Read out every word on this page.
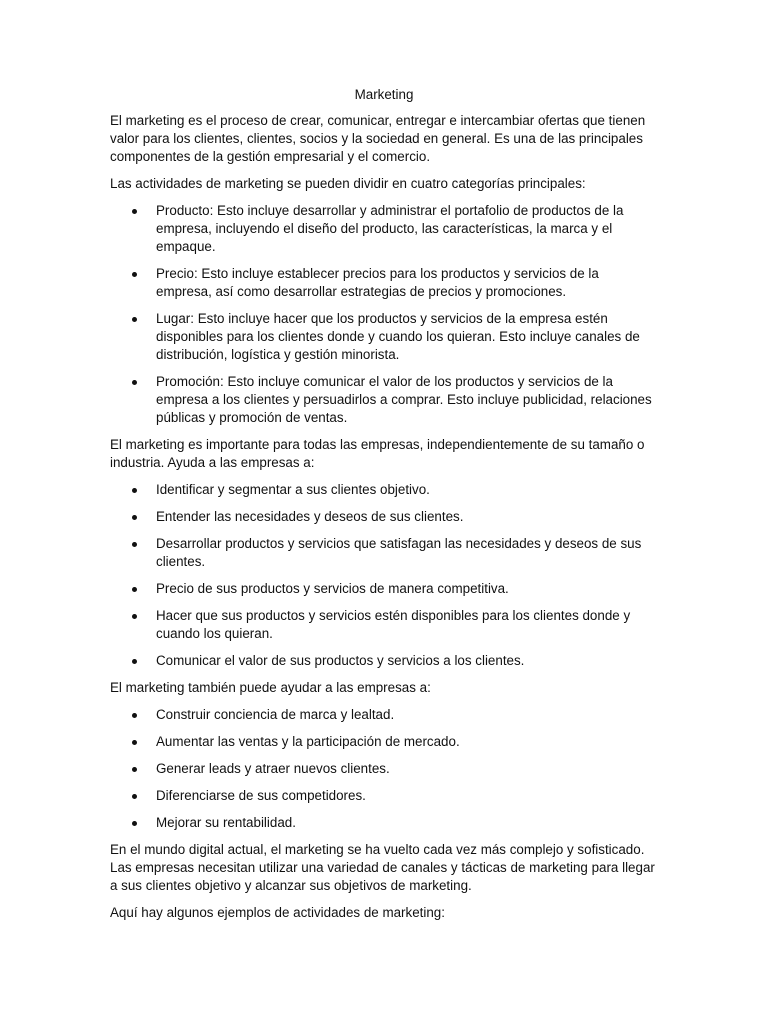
Marketing

El marketing es el proceso de crear, comunicar, entregar e intercambiar ofertas que tienen valor para los clientes, clientes, socios y la sociedad en general. Es una de las principales componentes de la gestión empresarial y el comercio.

Las actividades de marketing se pueden dividir en cuatro categorías principales:

Producto: Esto incluye desarrollar y administrar el portafolio de productos de la empresa, incluyendo el diseño del producto, las características, la marca y el empaque.
Precio: Esto incluye establecer precios para los productos y servicios de la empresa, así como desarrollar estrategias de precios y promociones.
Lugar: Esto incluye hacer que los productos y servicios de la empresa estén disponibles para los clientes donde y cuando los quieran. Esto incluye canales de distribución, logística y gestión minorista.
Promoción: Esto incluye comunicar el valor de los productos y servicios de la empresa a los clientes y persuadirlos a comprar. Esto incluye publicidad, relaciones públicas y promoción de ventas.

El marketing es importante para todas las empresas, independientemente de su tamaño o industria. Ayuda a las empresas a:

Identificar y segmentar a sus clientes objetivo.
Entender las necesidades y deseos de sus clientes.
Desarrollar productos y servicios que satisfagan las necesidades y deseos de sus clientes.
Precio de sus productos y servicios de manera competitiva.
Hacer que sus productos y servicios estén disponibles para los clientes donde y cuando los quieran.
Comunicar el valor de sus productos y servicios a los clientes.

El marketing también puede ayudar a las empresas a:

Construir conciencia de marca y lealtad.
Aumentar las ventas y la participación de mercado.
Generar leads y atraer nuevos clientes.
Diferenciarse de sus competidores.
Mejorar su rentabilidad.

En el mundo digital actual, el marketing se ha vuelto cada vez más complejo y sofisticado. Las empresas necesitan utilizar una variedad de canales y tácticas de marketing para llegar a sus clientes objetivo y alcanzar sus objetivos de marketing.

Aquí hay algunos ejemplos de actividades de marketing:
